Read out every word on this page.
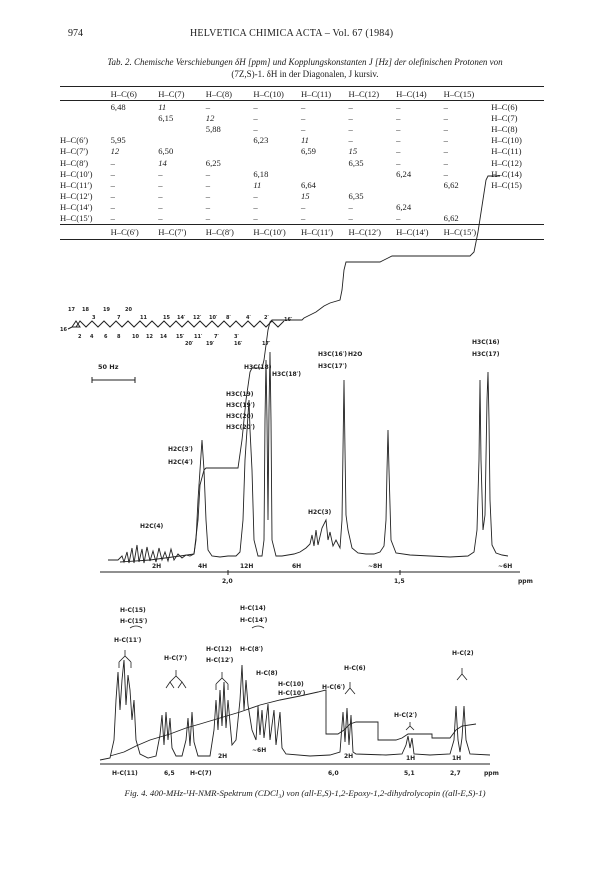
974	HELVETICA CHIMICA ACTA – Vol. 67 (1984)
Tab. 2. Chemische Verschiebungen δH [ppm] und Kopplungskonstanten J [Hz] der olefinischen Protonen von
(7Z,S)-1. δH in der Diagonalen, J kursiv.
	H–C(6)	H–C(7)	H–C(8)	H–C(10)	H–C(11)	H–C(12)	H–C(14)	H–C(15)	
	6,48	11	–	–	–	–	–	–	H–C(6)
		6,15	12	–	–	–	–	–	H–C(7)
			5,88	–	–	–	–	–	H–C(8)
H–C(6′)	5,95			6,23	11	–	–	–	H–C(10)
H–C(7′)	12	6,50			6,59	15	–	–	H–C(11)
H–C(8′)	–	14	6,25			6,35	–	–	H–C(12)
H–C(10′)	–	–	–	6,18			6,24	–	H–C(14)
H–C(11′)	–	–	–	11	6,64			6,62	H–C(15)
H–C(12′)	–	–	–	–	15	6,35			
H–C(14′)	–	–	–	–	–	–	6,24		
H–C(15′)	–	–	–	–	–	–	–	6,62	
	H–C(6′)	H–C(7′)	H–C(8′)	H–C(10′)	H–C(11′)	H–C(12′)	H–C(14′)	H–C(15′)	
17 18	19	20
3	7	11	15 14′ 12′ 10′ 8′	4′	2′	16′
16
2 4 6 8 10 12 14 15′ 11′ 7′	3′
20′	19′	16′	17′
50 Hz
H2C(4)
H2C(3′)
H2C(4′)
H3C(19)
H3C(19′)
H3C(20)
H3C(20′)
H3C(18)
H3C(18′)
H3C(16′)
H3C(17′)
H2O
H3C(16)
H3C(17)
H2C(3)
2H	4H	12H	6H	~8H	~6H
2,0	1,5	ppm
H-C(15)
H-C(15′)
H-C(11′)
H-C(7′)
H-C(14)
H-C(14′)
H-C(12)
H-C(12′)
H-C(8′)
H-C(8)
H-C(10)
H-C(10′)
H-C(6)
H-C(6′)
H-C(2)
H-C(2′)
2H
~6H
2H	1H	1H
H-C(11)	6,5	H-C(7)	6,0	5,1	2,7	ppm
Fig. 4. 400-MHz-¹H-NMR-Spektrum (CDCl₃) von (all-E,S)-1,2-Epoxy-1,2-dihydrolycopin ((all-E,S)-1)
